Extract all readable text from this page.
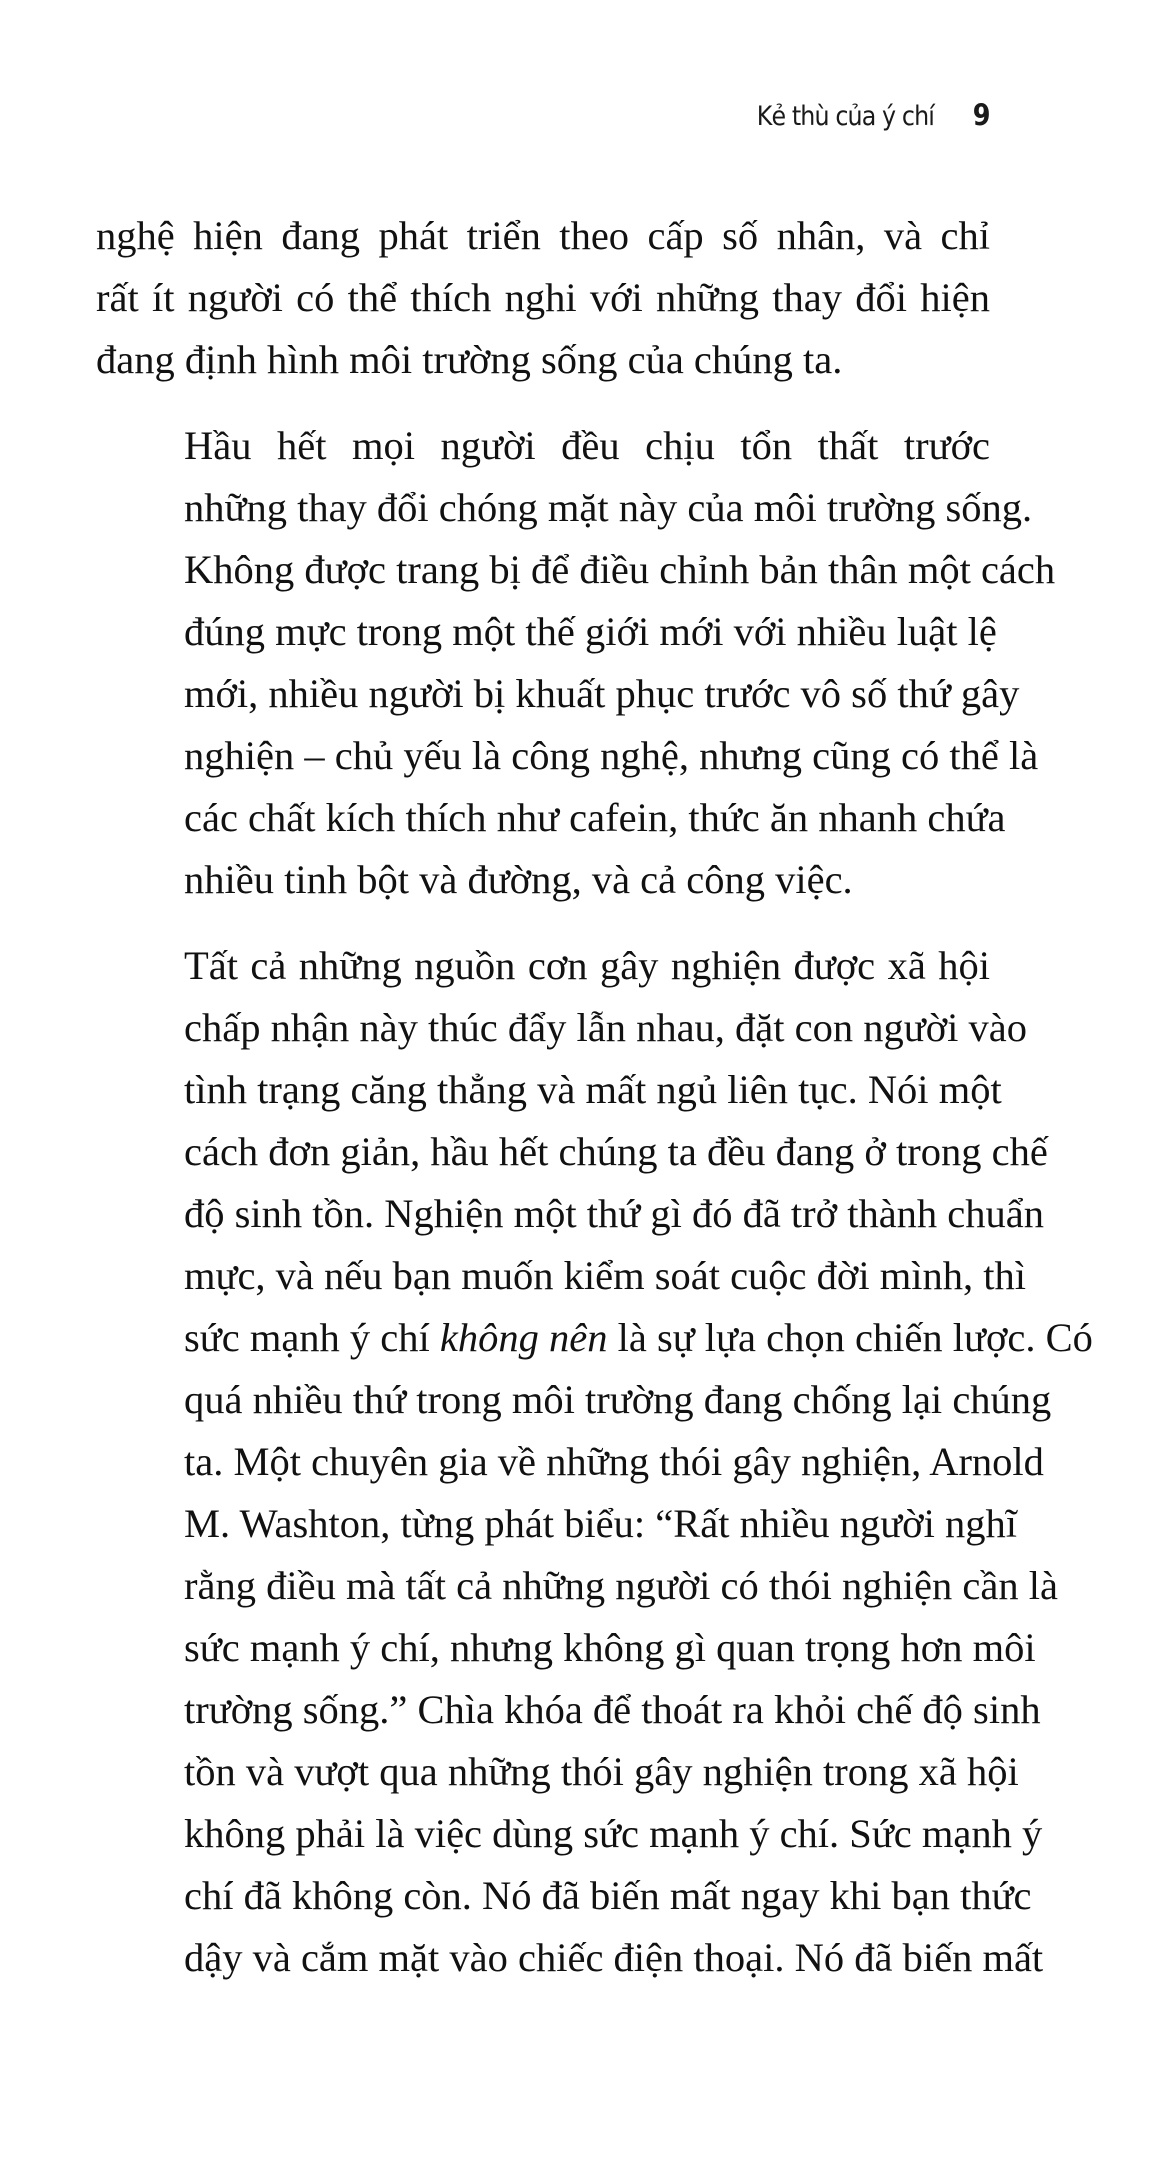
Kẻ thù của ý chí 9

nghệ hiện đang phát triển theo cấp số nhân, và chỉ
rất ít người có thể thích nghi với những thay đổi hiện
đang định hình môi trường sống của chúng ta.

Hầu hết mọi người đều chịu tổn thất trước
những thay đổi chóng mặt này của môi trường sống.
Không được trang bị để điều chỉnh bản thân một cách
đúng mực trong một thế giới mới với nhiều luật lệ
mới, nhiều người bị khuất phục trước vô số thứ gây
nghiện – chủ yếu là công nghệ, nhưng cũng có thể là
các chất kích thích như cafein, thức ăn nhanh chứa
nhiều tinh bột và đường, và cả công việc.

Tất cả những nguồn cơn gây nghiện được xã hội
chấp nhận này thúc đẩy lẫn nhau, đặt con người vào
tình trạng căng thẳng và mất ngủ liên tục. Nói một
cách đơn giản, hầu hết chúng ta đều đang ở trong chế
độ sinh tồn. Nghiện một thứ gì đó đã trở thành chuẩn
mực, và nếu bạn muốn kiểm soát cuộc đời mình, thì
sức mạnh ý chí không nên là sự lựa chọn chiến lược. Có
quá nhiều thứ trong môi trường đang chống lại chúng
ta. Một chuyên gia về những thói gây nghiện, Arnold
M. Washton, từng phát biểu: “Rất nhiều người nghĩ
rằng điều mà tất cả những người có thói nghiện cần là
sức mạnh ý chí, nhưng không gì quan trọng hơn môi
trường sống.” Chìa khóa để thoát ra khỏi chế độ sinh
tồn và vượt qua những thói gây nghiện trong xã hội
không phải là việc dùng sức mạnh ý chí. Sức mạnh ý
chí đã không còn. Nó đã biến mất ngay khi bạn thức
dậy và cắm mặt vào chiếc điện thoại. Nó đã biến mất
